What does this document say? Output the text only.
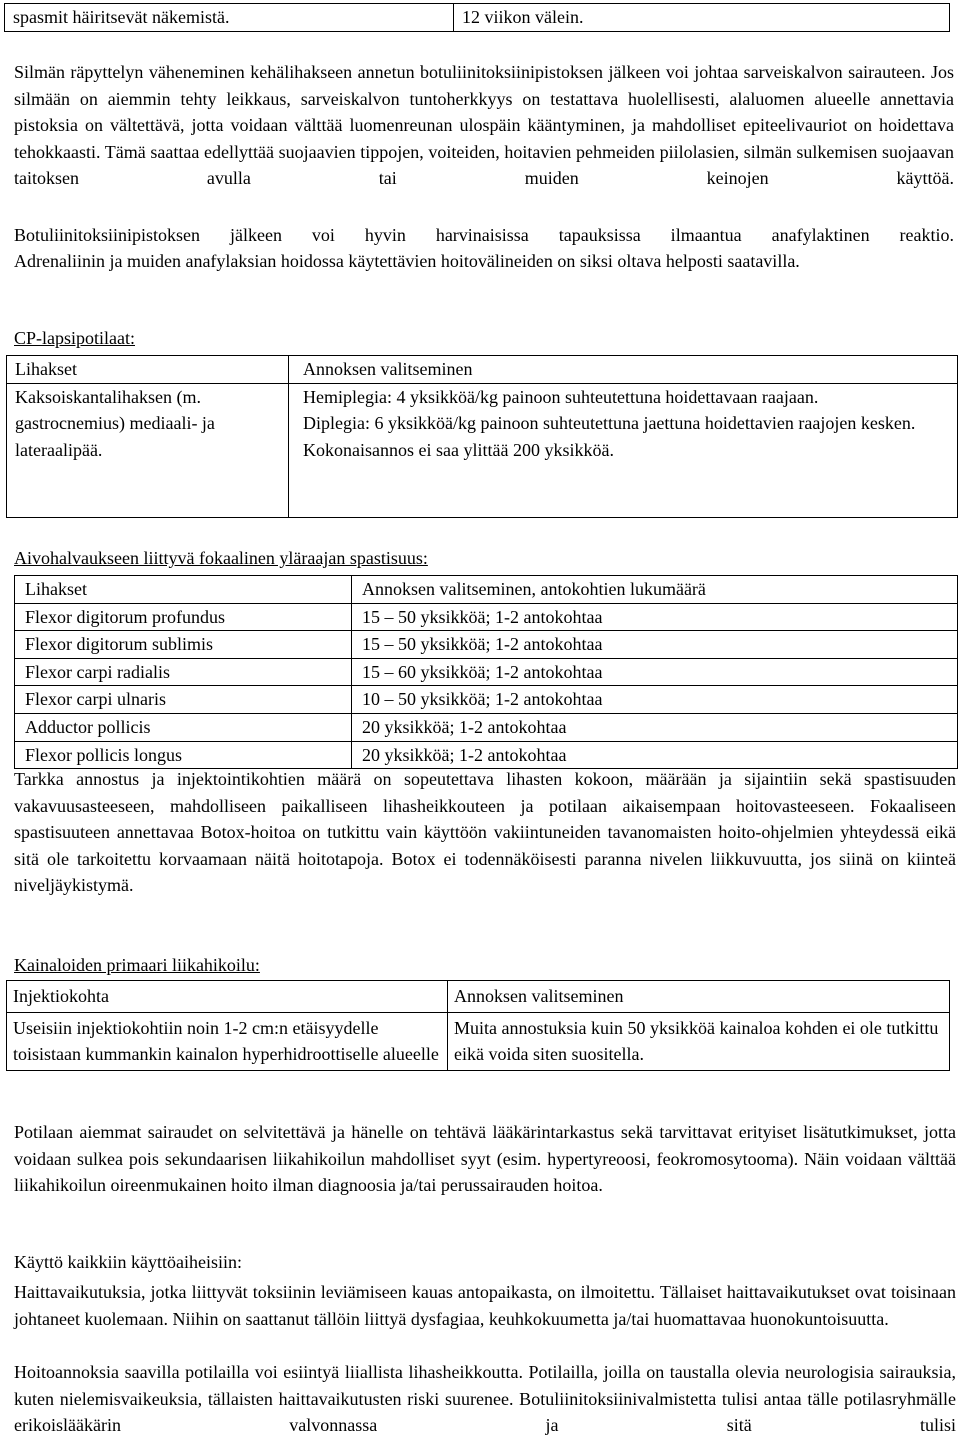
spasmit häiritsevät näkemistä.	12 viikon välein.
Silmän räpyttelyn väheneminen kehälihakseen annetun botuliinitoksiinipistoksen jälkeen voi johtaa sarveiskalvon sairauteen. Jos silmään on aiemmin tehty leikkaus, sarveiskalvon tuntoherkkyys on testattava huolellisesti, alaluomen alueelle annettavia pistoksia on vältettävä, jotta voidaan välttää luomenreunan ulospäin kääntyminen, ja mahdolliset epiteelivauriot on hoidettava tehokkaasti. Tämä saattaa edellyttää suojaavien tippojen, voiteiden, hoitavien pehmeiden piilolasien, silmän sulkemisen suojaavan taitoksen avulla tai muiden keinojen käyttöä.
Botuliinitoksiinipistoksen jälkeen voi hyvin harvinaisissa tapauksissa ilmaantua anafylaktinen reaktio.
Adrenaliinin ja muiden anafylaksian hoidossa käytettävien hoitovälineiden on siksi oltava helposti saatavilla.
CP-lapsipotilaat:
Lihakset	Annoksen valitseminen
Kaksoiskantalihaksen (m. gastrocnemius) mediaali- ja lateraalipää.	Hemiplegia: 4 yksikköä/kg painoon suhteutettuna hoidettavaan raajaan.
Diplegia: 6 yksikköä/kg painoon suhteutettuna jaettuna hoidettavien raajojen kesken.
Kokonaisannos ei saa ylittää 200 yksikköä.
Aivohalvaukseen liittyvä fokaalinen yläraajan spastisuus:
Lihakset	Annoksen valitseminen, antokohtien lukumäärä
Flexor digitorum profundus	15 – 50 yksikköä; 1-2 antokohtaa
Flexor digitorum sublimis	15 – 50 yksikköä; 1-2 antokohtaa
Flexor carpi radialis	15 – 60 yksikköä; 1-2 antokohtaa
Flexor carpi ulnaris	10 – 50 yksikköä; 1-2 antokohtaa
Adductor pollicis	20 yksikköä; 1-2 antokohtaa
Flexor pollicis longus	20 yksikköä; 1-2 antokohtaa
Tarkka annostus ja injektointikohtien määrä on sopeutettava lihasten kokoon, määrään ja sijaintiin sekä spastisuuden vakavuusasteeseen, mahdolliseen paikalliseen lihasheikkouteen ja potilaan aikaisempaan hoitovasteeseen. Fokaaliseen spastisuuteen annettavaa Botox-hoitoa on tutkittu vain käyttöön vakiintuneiden tavanomaisten hoito-ohjelmien yhteydessä eikä sitä ole tarkoitettu korvaamaan näitä hoitotapoja. Botox ei todennäköisesti paranna nivelen liikkuvuutta, jos siinä on kiinteä niveljäykistymä.
Kainaloiden primaari liikahikoilu:
Injektiokohta	Annoksen valitseminen
Useisiin injektiokohtiin noin 1-2 cm:n etäisyydelle toisistaan kummankin kainalon hyperhidroottiselle alueelle	Muita annostuksia kuin 50 yksikköä kainaloa kohden ei ole tutkittu eikä voida siten suositella.
Potilaan aiemmat sairaudet on selvitettävä ja hänelle on tehtävä lääkärintarkastus sekä tarvittavat erityiset lisätutkimukset, jotta voidaan sulkea pois sekundaarisen liikahikoilun mahdolliset syyt (esim. hypertyreoosi, feokromosytooma). Näin voidaan välttää liikahikoilun oireenmukainen hoito ilman diagnoosia ja/tai perussairauden hoitoa.
Käyttö kaikkiin käyttöaiheisiin:
Haittavaikutuksia, jotka liittyvät toksiinin leviämiseen kauas antopaikasta, on ilmoitettu. Tällaiset haittavaikutukset ovat toisinaan johtaneet kuolemaan. Niihin on saattanut tällöin liittyä dysfagiaa, keuhkokuumetta ja/tai huomattavaa huonokuntoisuutta.
Hoitoannoksia saavilla potilailla voi esiintyä liiallista lihasheikkoutta. Potilailla, joilla on taustalla olevia neurologisia sairauksia, kuten nielemisvaikeuksia, tällaisten haittavaikutusten riski suurenee. Botuliinitoksiinivalmistetta tulisi antaa tälle potilasryhmälle erikoislääkärin valvonnassa ja sitä tulisi
